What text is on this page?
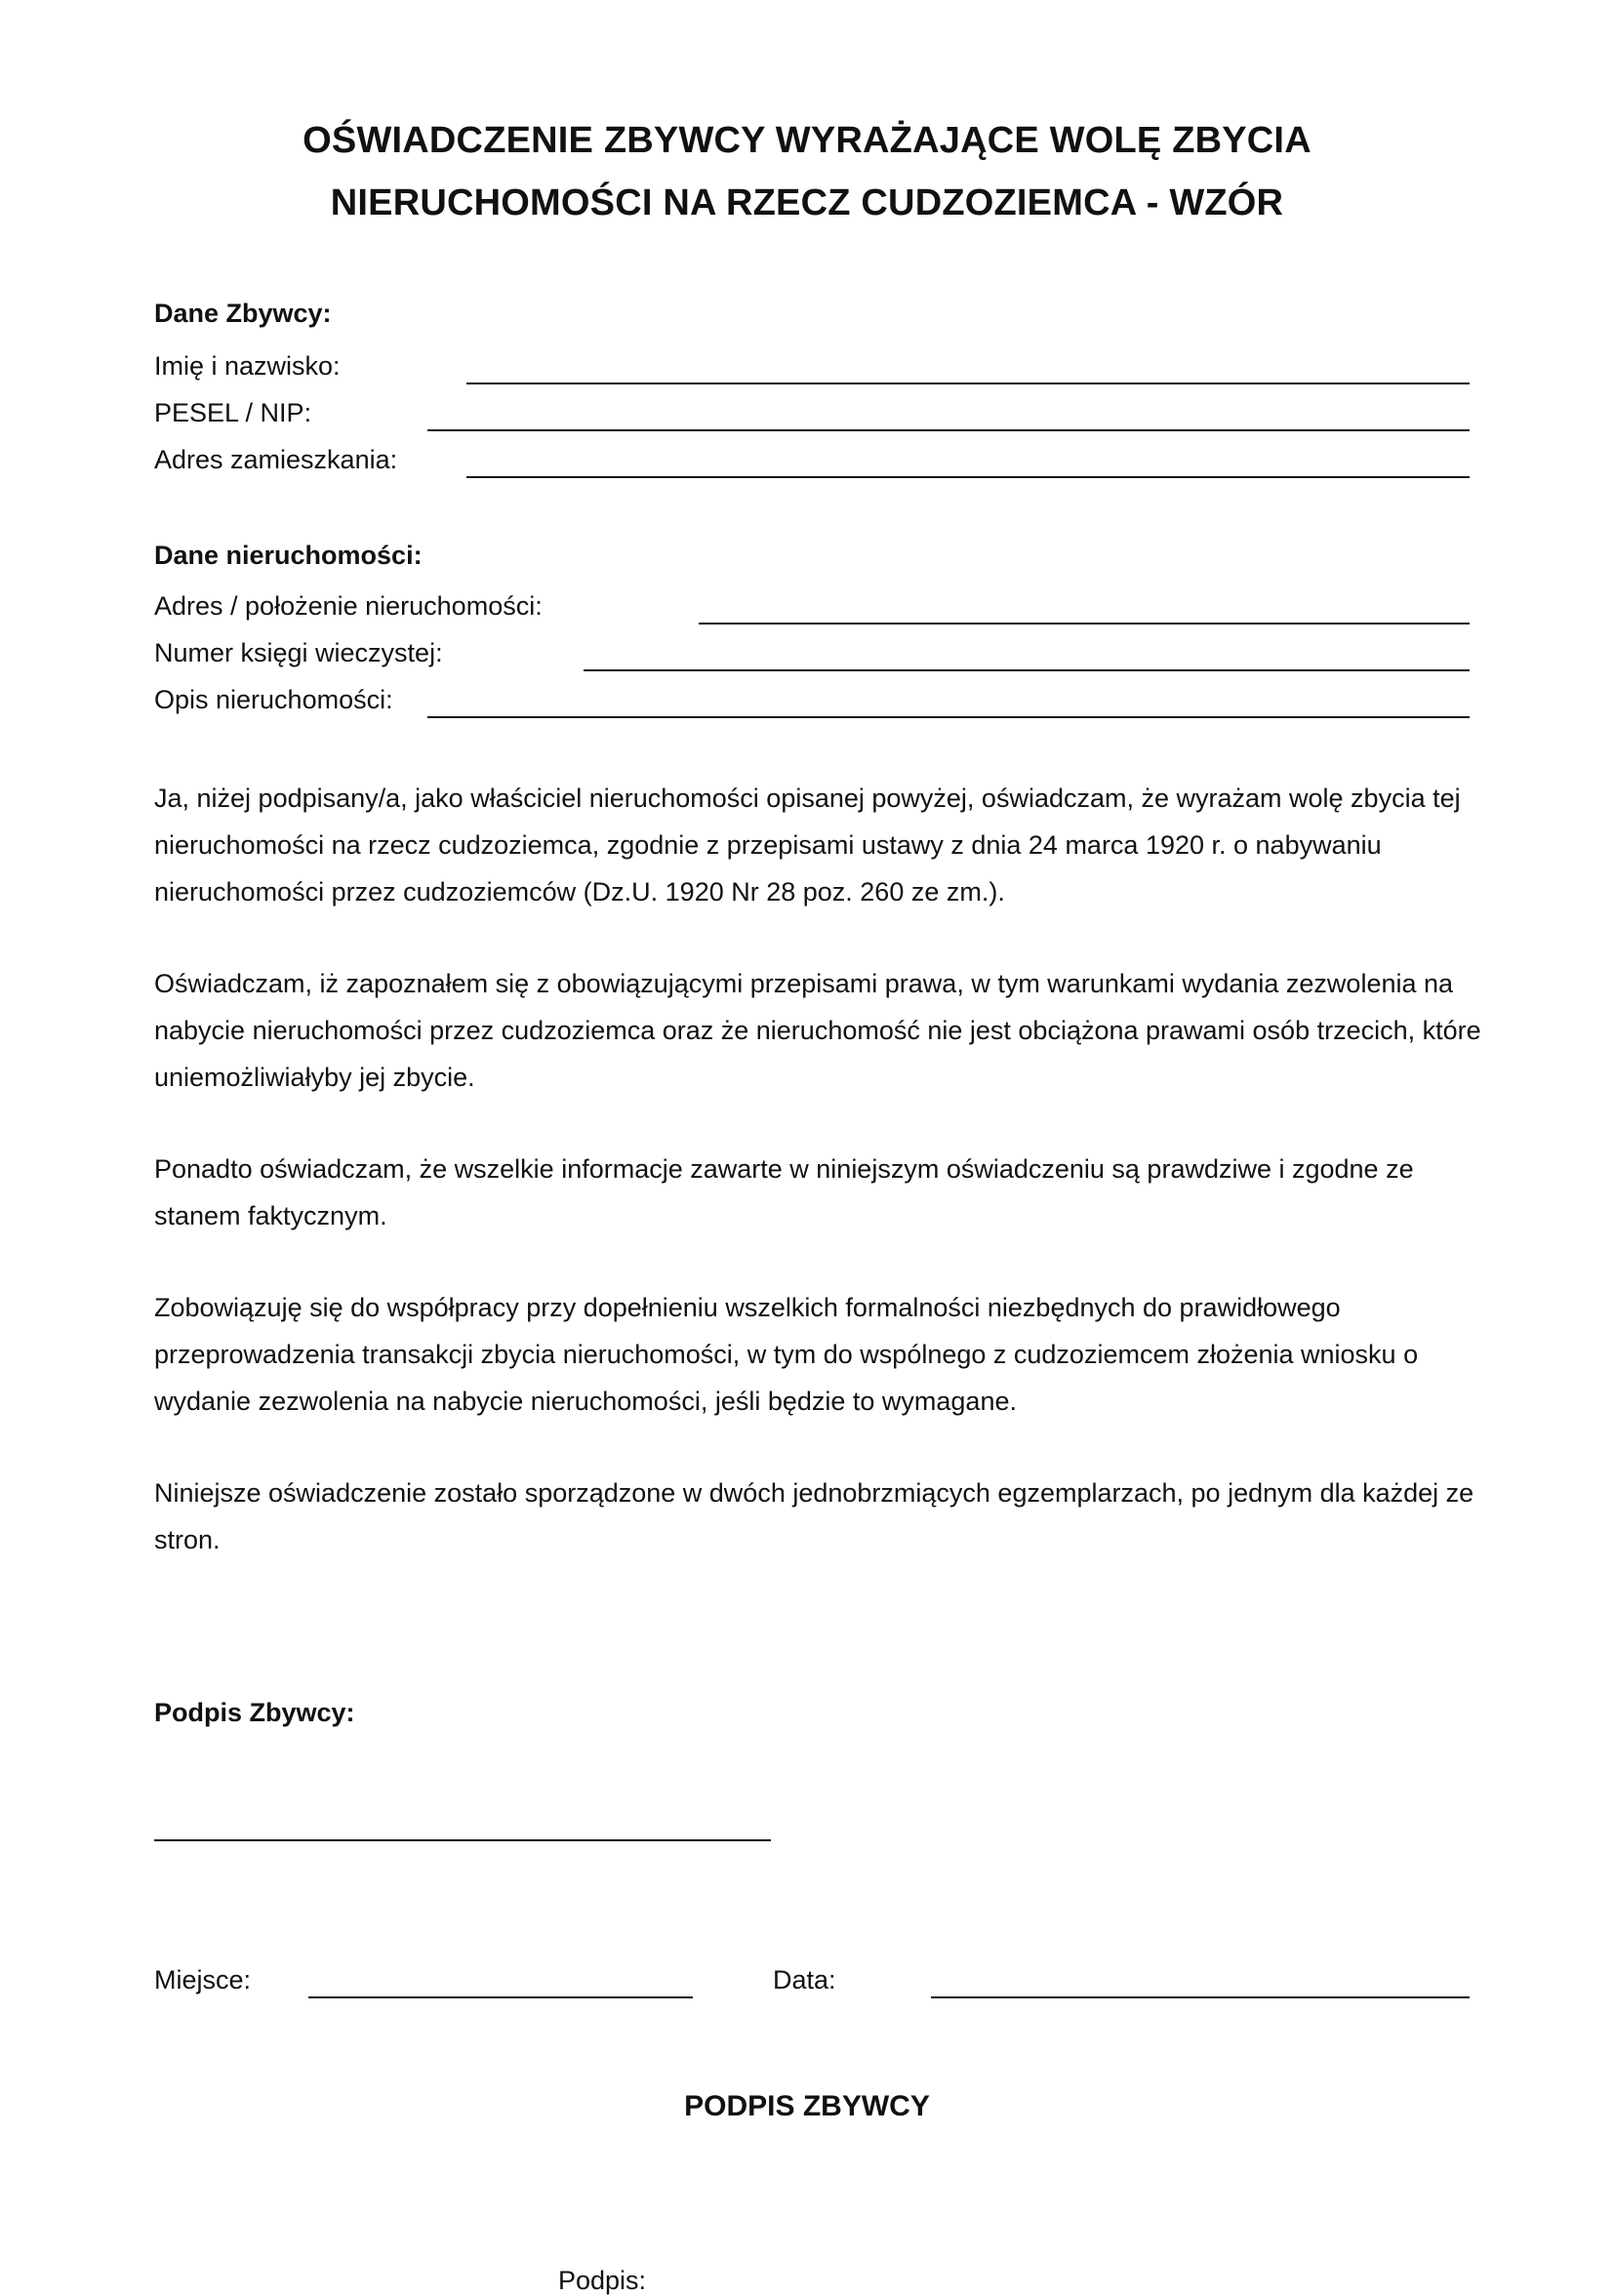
OŚWIADCZENIE ZBYWCY WYRAŻAJĄCE WOLĘ ZBYCIA
NIERUCHOMOŚCI NA RZECZ CUDZOZIEMCA - WZÓR
Dane Zbywcy:
Imię i nazwisko:
PESEL / NIP:
Adres zamieszkania:
Dane nieruchomości:
Adres / położenie nieruchomości:
Numer księgi wieczystej:
Opis nieruchomości:
Ja, niżej podpisany/a, jako właściciel nieruchomości opisanej powyżej, oświadczam, że wyrażam wolę zbycia tej nieruchomości na rzecz cudzoziemca, zgodnie z przepisami ustawy z dnia 24 marca 1920 r. o nabywaniu nieruchomości przez cudzoziemców (Dz.U. 1920 Nr 28 poz. 260 ze zm.).
Oświadczam, iż zapoznałem się z obowiązującymi przepisami prawa, w tym warunkami wydania zezwolenia na nabycie nieruchomości przez cudzoziemca oraz że nieruchomość nie jest obciążona prawami osób trzecich, które uniemożliwiałyby jej zbycie.
Ponadto oświadczam, że wszelkie informacje zawarte w niniejszym oświadczeniu są prawdziwe i zgodne ze stanem faktycznym.
Zobowiązuję się do współpracy przy dopełnieniu wszelkich formalności niezbędnych do prawidłowego przeprowadzenia transakcji zbycia nieruchomości, w tym do wspólnego z cudzoziemcem złożenia wniosku o wydanie zezwolenia na nabycie nieruchomości, jeśli będzie to wymagane.
Niniejsze oświadczenie zostało sporządzone w dwóch jednobrzmiących egzemplarzach, po jednym dla każdej ze stron.
Podpis Zbywcy:
Miejsce:	Data:
PODPIS ZBYWCY
Podpis:
